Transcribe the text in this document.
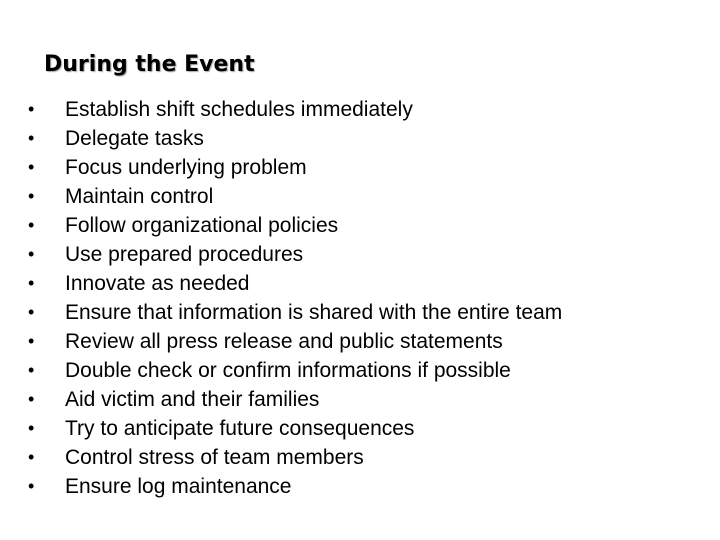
During the Event
• Establish shift schedules immediately
• Delegate tasks
• Focus underlying problem
• Maintain control
• Follow organizational policies
• Use prepared procedures
• Innovate as needed
• Ensure that information is shared with the entire team
• Review all press release and public statements
• Double check or confirm informations if possible
• Aid victim and their families
• Try to anticipate future consequences
• Control stress of team members
• Ensure log maintenance
